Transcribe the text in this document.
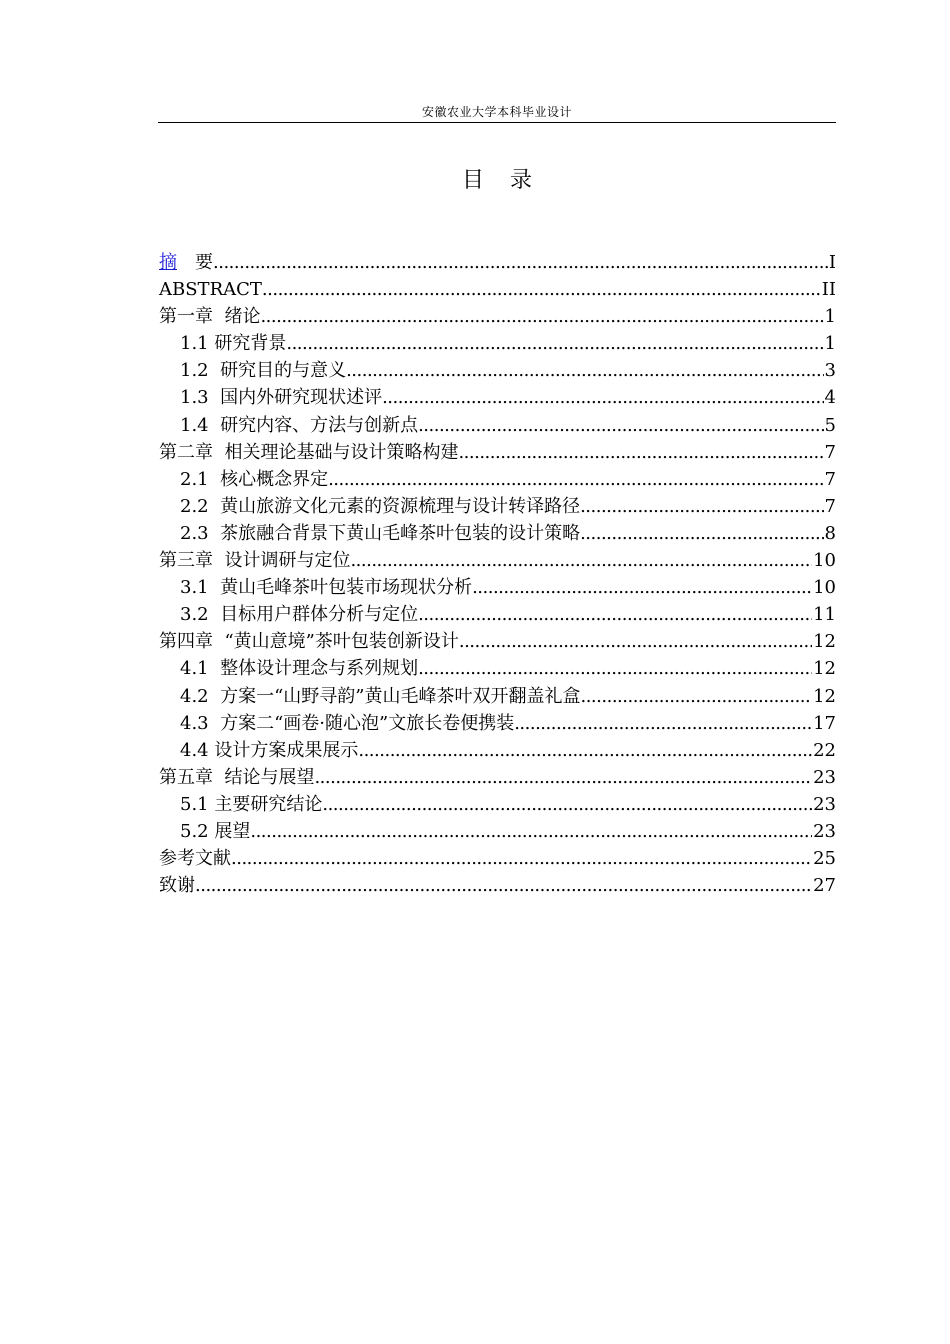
安徽农业大学本科毕业设计
目录
摘　要 .....	I
ABSTRACT .....	II
第一章  绪论 .....	1
1.1 研究背景 .....	1
1.2  研究目的与意义 .....	3
1.3  国内外研究现状述评 .....	4
1.4  研究内容、方法与创新点 .....	5
第二章  相关理论基础与设计策略构建 .....	7
2.1  核心概念界定 .....	7
2.2  黄山旅游文化元素的资源梳理与设计转译路径 .....	7
2.3  茶旅融合背景下黄山毛峰茶叶包装的设计策略 .....	8
第三章  设计调研与定位 .....	10
3.1  黄山毛峰茶叶包装市场现状分析 .....	10
3.2  目标用户群体分析与定位 .....	11
第四章  “黄山意境”茶叶包装创新设计 .....	12
4.1  整体设计理念与系列规划 .....	12
4.2  方案一“山野寻韵”黄山毛峰茶叶双开翻盖礼盒 .....	12
4.3  方案二“画卷·随心泡”文旅长卷便携装 .....	17
4.4 设计方案成果展示 .....	22
第五章  结论与展望 .....	23
5.1 主要研究结论 .....	23
5.2 展望 .....	23
参考文献 .....	25
致谢 .....	27
